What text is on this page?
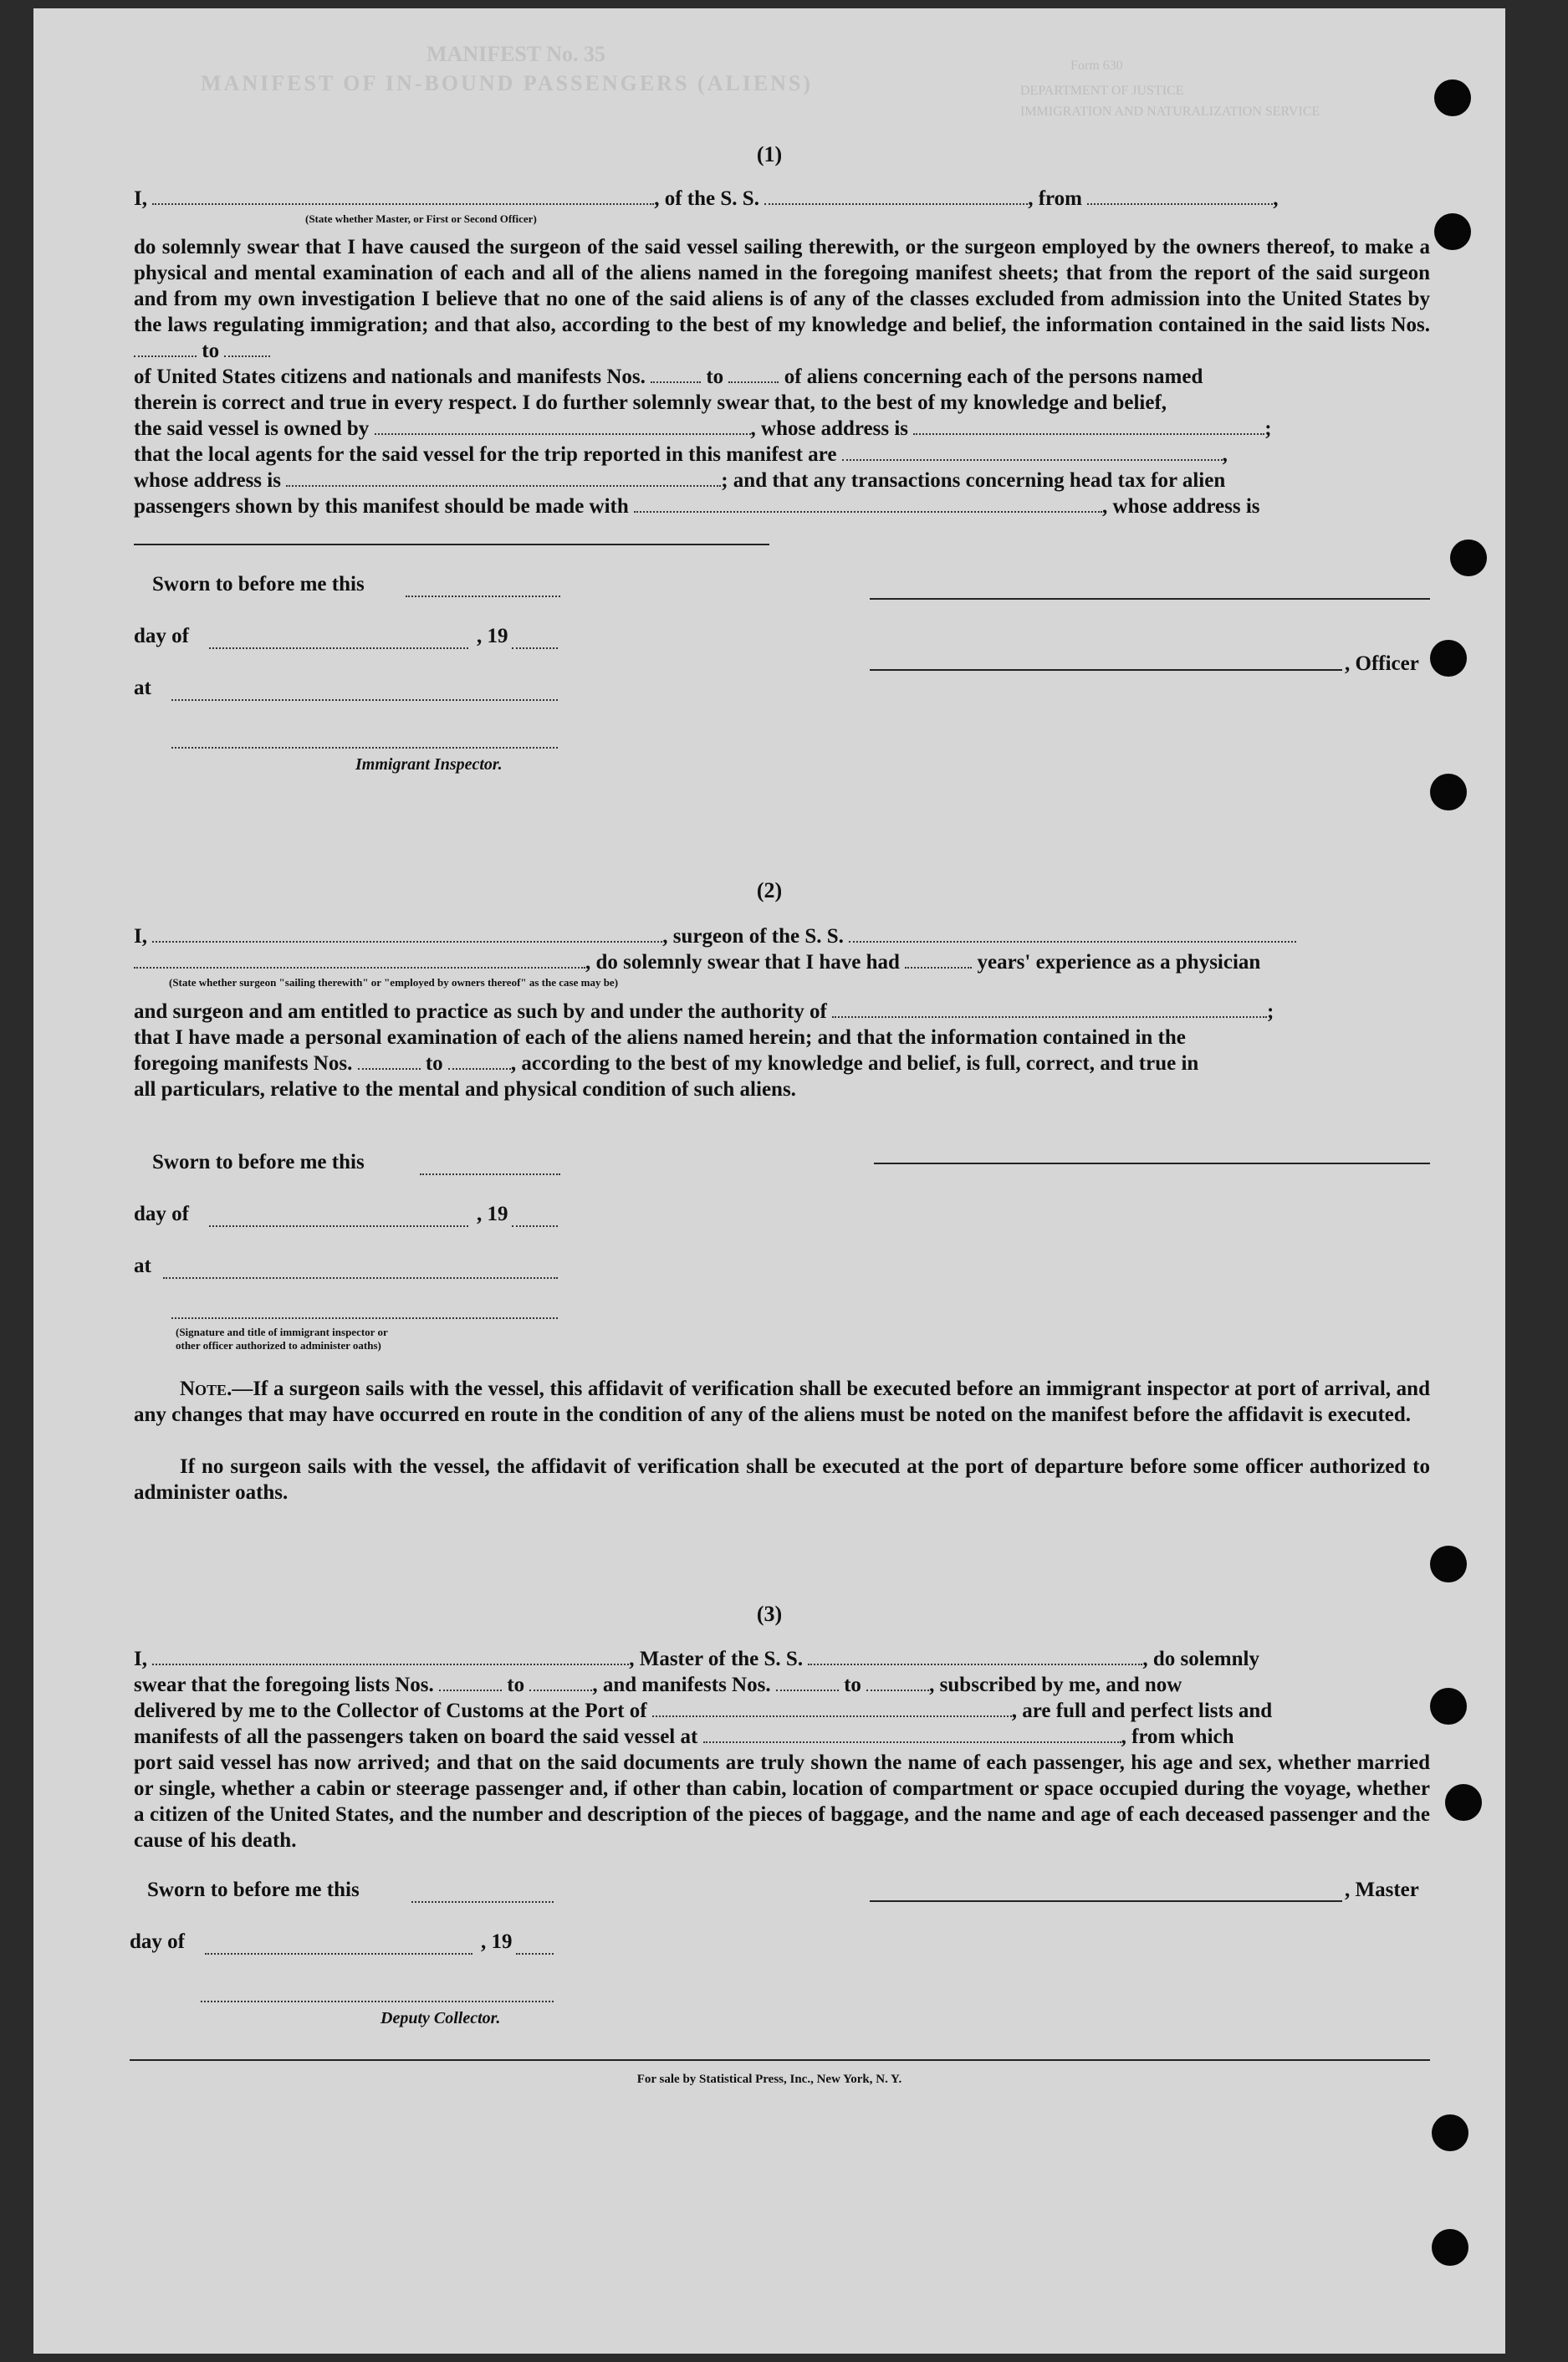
MANIFEST No. 35
MANIFEST OF IN-BOUND PASSENGERS (ALIENS)
Form 630
DEPARTMENT OF JUSTICE
IMMIGRATION AND NATURALIZATION SERVICE
(1)
I,	, of the S. S.	, from	,
(State whether Master, or First or Second Officer)
do solemnly swear that I have caused the surgeon of the said vessel sailing therewith, or the surgeon employed by the owners thereof, to make a physical and mental examination of each and all of the aliens named in the foregoing manifest sheets; that from the report of the said surgeon and from my own investigation I believe that no one of the said aliens is of any of the classes excluded from admission into the United States by the laws regulating immigration; and that also, according to the best of my knowledge and belief, the information contained in the said lists Nos.  to
of United States citizens and nationals and manifests Nos.	to	of aliens concerning each of the persons named
therein is correct and true in every respect. I do further solemnly swear that, to the best of my knowledge and belief,
the said vessel is owned by	, whose address is	;
that the local agents for the said vessel for the trip reported in this manifest are	,
whose address is	; and that any transactions concerning head tax for alien
passengers shown by this manifest should be made with	, whose address is
Sworn to before me this
day of	, 19
at
Immigrant Inspector.
, Officer
(2)
I,	, surgeon of the S. S.
, do solemnly swear that I have had	years' experience as a physician
(State whether surgeon "sailing therewith" or "employed by owners thereof" as the case may be)
and surgeon and am entitled to practice as such by and under the authority of	;
that I have made a personal examination of each of the aliens named herein; and that the information contained in the
foregoing manifests Nos.	to	, according to the best of my knowledge and belief, is full, correct, and true in
all particulars, relative to the mental and physical condition of such aliens.
Sworn to before me this
day of	, 19
at
(Signature and title of immigrant inspector or
other officer authorized to administer oaths)
Note.—If a surgeon sails with the vessel, this affidavit of verification shall be executed before an immigrant inspector at port of arrival, and any changes that may have occurred en route in the condition of any of the aliens must be noted on the manifest before the affidavit is executed.
If no surgeon sails with the vessel, the affidavit of verification shall be executed at the port of departure before some officer authorized to administer oaths.
(3)
I,	, Master of the S. S.	, do solemnly
swear that the foregoing lists Nos.	to	, and manifests Nos.	to	, subscribed by me, and now
delivered by me to the Collector of Customs at the Port of	, are full and perfect lists and
manifests of all the passengers taken on board the said vessel at	, from which
port said vessel has now arrived; and that on the said documents are truly shown the name of each passenger, his age and sex, whether married or single, whether a cabin or steerage passenger and, if other than cabin, location of compartment or space occupied during the voyage, whether a citizen of the United States, and the number and description of the pieces of baggage, and the name and age of each deceased passenger and the cause of his death.
Sworn to before me this
day of	, 19
Deputy Collector.
, Master
For sale by Statistical Press, Inc., New York, N. Y.
